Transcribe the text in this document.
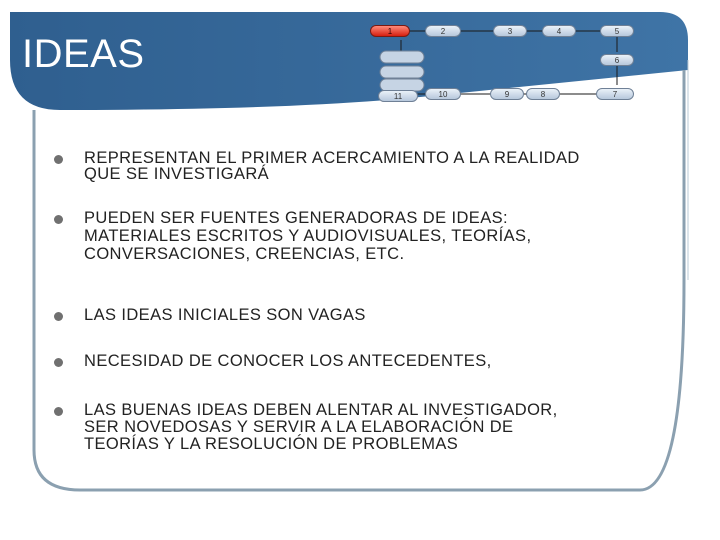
IDEAS
1	2	3	4	5
6
7
8
9
10
11
REPRESENTAN EL PRIMER ACERCAMIENTO A LA REALIDAD
QUE SE INVESTIGARÁ
PUEDEN SER FUENTES GENERADORAS DE IDEAS:
MATERIALES ESCRITOS Y AUDIOVISUALES, TEORÍAS,
CONVERSACIONES, CREENCIAS, ETC.
LAS IDEAS INICIALES SON VAGAS
NECESIDAD DE CONOCER LOS ANTECEDENTES,
LAS BUENAS IDEAS DEBEN ALENTAR AL INVESTIGADOR,
SER NOVEDOSAS Y SERVIR A LA ELABORACIÓN DE
TEORÍAS Y LA RESOLUCIÓN DE PROBLEMAS
